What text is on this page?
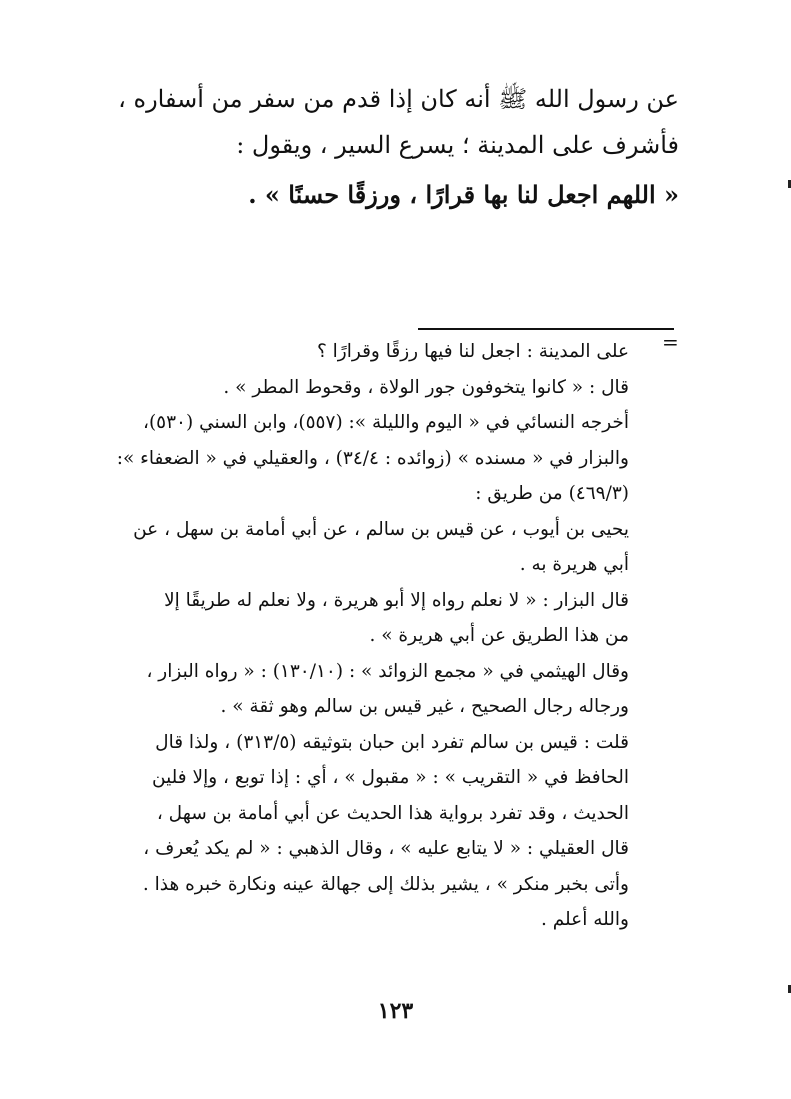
عن رسول الله ﷺ أنه كان إذا قدم من سفر من أسفاره ،

فأشرف على المدينة ؛ يسرع السير ، ويقول :

« اللهم اجعل لنا بها قرارًا ، ورزقًا حسنًا » .

=

على المدينة : اجعل لنا فيها رزقًا وقرارًا ؟

قال : « كانوا يتخوفون جور الولاة ، وقحوط المطر » .

أخرجه النسائي في « اليوم والليلة »: (٥٥٧)، وابن السني (٥٣٠)،

والبزار في « مسنده » (زوائده : ٣٤/٤) ، والعقيلي في « الضعفاء »:

(٤٦٩/٣) من طريق :

يحيى بن أيوب ، عن قيس بن سالم ، عن أبي أمامة بن سهل ، عن

أبي هريرة به .

قال البزار : « لا نعلم رواه إلا أبو هريرة ، ولا نعلم له طريقًا إلا

من هذا الطريق عن أبي هريرة » .

وقال الهيثمي في « مجمع الزوائد » : (١٣٠/١٠) : « رواه البزار ،

ورجاله رجال الصحيح ، غير قيس بن سالم وهو ثقة » .

قلت : قيس بن سالم تفرد ابن حبان بتوثيقه (٣١٣/٥) ، ولذا قال

الحافظ في « التقريب » : « مقبول » ، أي : إذا توبع ، وإلا فلين

الحديث ، وقد تفرد برواية هذا الحديث عن أبي أمامة بن سهل ،

قال العقيلي : « لا يتابع عليه » ، وقال الذهبي : « لم يكد يُعرف ،

وأتى بخبر منكر » ، يشير بذلك إلى جهالة عينه ونكارة خبره هذا .

والله أعلم .

١٢٣
